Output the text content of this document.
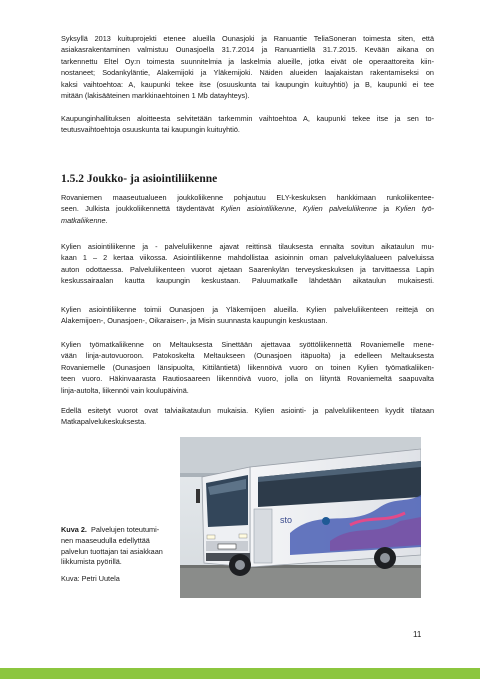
Syksyllä 2013 kuituprojekti etenee alueilla Ounasjoki ja Ranuantie TeliaSoneran toimesta siten, että
asiakasrakentaminen valmistuu Ounasjoella 31.7.2014 ja Ranuantiellä 31.7.2015. Kevään aikana on
tarkennettu Eltel Oy:n toimesta suunnitelmia ja laskelmia alueille, jotka eivät ole operaattoreita kiin-
nostaneet; Sodankyläntie, Alakemijoki ja Yläkemijoki. Näiden alueiden laajakaistan rakentamiseksi on
kaksi vaihtoehtoa: A, kaupunki tekee itse (osuuskunta tai kaupungin kuituyhtiö) ja B, kaupunki ei tee
mitään (lakisääteinen markkinaehtoinen 1 Mb datayhteys).
Kaupunginhallituksen aloitteesta selvitetään tarkemmin vaihtoehtoa A, kaupunki tekee itse ja sen to-
teutusvaihtoehtoja osuuskunta tai kaupungin kuituyhtiö.
1.5.2 Joukko- ja asiointiliikenne
Rovaniemen maaseutualueen joukkoliikenne pohjautuu ELY-keskuksen hankkimaan runkoliikentee-
seen. Julkista joukkoliikennettä täydentävät Kylien asiointiliikenne, Kylien palveluliikenne ja Kylien työ-
matkaliikenne.
Kylien asiointiliikenne ja - palveluliikenne ajavat reittinsä tilauksesta ennalta sovitun aikataulun mu-
kaan 1 – 2 kertaa viikossa. Asiointiliikenne mahdollistaa asioinnin oman palvelukyläalueen palveluissa
auton odottaessa. Palveluliikenteen vuorot ajetaan Saarenkylän terveyskeskuksen ja tarvittaessa Lapin
keskussairaalan kautta kaupungin keskustaan. Paluumatkalle lähdetään aikataulun mukaisesti.
Kylien asiointiliikenne toimii Ounasjoen ja Yläkemijoen alueilla. Kylien palveluliikenteen reittejä on
Alakemijoen-, Ounasjoen-, Oikaraisen-, ja Misin suunnasta kaupungin keskustaan.
Kylien työmatkaliikenne on Meltauksesta Sinettään ajettavaa syöttöliikennettä Rovaniemelle mene-
vään linja-autovuoroon. Patokoskelta Meltaukseen (Ounasjoen itäpuolta) ja edelleen Meltauksesta
Rovaniemelle (Ounasjoen länsipuolta, Kittiläntietä) liikennöivä vuoro on toinen Kylien työmatkaliiken-
teen vuoro. Häkinvaarasta Rautiosaareen liikennöivä vuoro, jolla on liityntä Rovaniemeltä saapuvalta
linja-autolta, liikennöi vain koulupäivinä.
Edellä esitetyt vuorot ovat talviaikataulun mukaisia. Kylien asiointi- ja palveluliikenteen kyydit tilataan
Matkapalvelukeskuksesta.
sto
Kuva 2. Palvelujen toteutumi-
nen maaseudulla edellyttää
palvelun tuottajan tai asiakkaan
liikkumista pyörillä.
Kuva: Petri Uutela
11
